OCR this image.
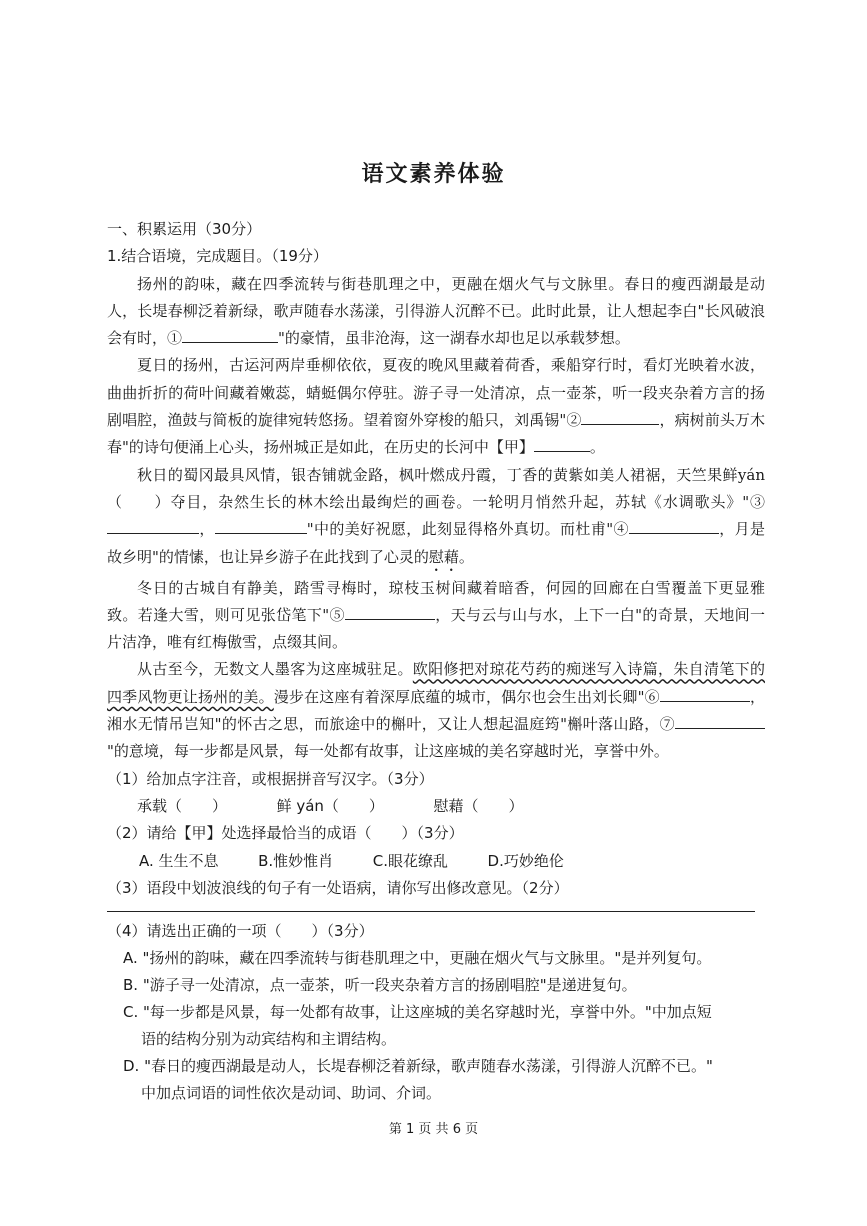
语文素养体验

一、积累运用（30分）

1.结合语境，完成题目。（19分）

扬州的韵味，藏在四季流转与街巷肌理之中，更融在烟火气与文脉里。春日的瘦西湖最是动人，长堤春柳泛着新绿，歌声随春水荡漾，引得游人沉醉不已。此时此景，让人想起李白"长风破浪会有时，①	"的豪情，虽非沧海，这一湖春水却也足以承载梦想。

夏日的扬州，古运河两岸垂柳依依，夏夜的晚风里藏着荷香，乘船穿行时，看灯光映着水波，曲曲折折的荷叶间藏着嫩蕊，蜻蜓偶尔停驻。游子寻一处清凉，点一壶茶，听一段夹杂着方言的扬剧唱腔，渔鼓与简板的旋律宛转悠扬。望着窗外穿梭的船只，刘禹锡"②	，病树前头万木春"的诗句便涌上心头，扬州城正是如此，在历史的长河中【甲】	。

秋日的蜀冈最具风情，银杏铺就金路，枫叶燃成丹霞，丁香的黄紫如美人裙裾，天竺果鲜yán（　　）夺目，杂然生长的林木绘出最绚烂的画卷。一轮明月悄然升起，苏轼《水调歌头》"③，	"中的美好祝愿，此刻显得格外真切。而杜甫"④	，月是故乡明"的情愫，也让异乡游子在此找到了心灵的慰藉。

冬日的古城自有静美，踏雪寻梅时，琼枝玉树间藏着暗香，何园的回廊在白雪覆盖下更显雅致。若逢大雪，则可见张岱笔下"⑤	，天与云与山与水，上下一白"的奇景，天地间一片洁净，唯有红梅傲雪，点缀其间。

从古至今，无数文人墨客为这座城驻足。欧阳修把对琼花芍药的痴迷写入诗篇，朱自清笔下的四季风物更让扬州的美。漫步在这座有着深厚底蕴的城市，偶尔也会生出刘长卿"⑥	，湘水无情吊岂知"的怀古之思，而旅途中的槲叶，又让人想起温庭筠"槲叶落山路，⑦"的意境，每一步都是风景，每一处都有故事，让这座城的美名穿越时光，享誉中外。

（1）给加点字注音，或根据拼音写汉字。（3分）

承载（　　）	鲜 yán（　　）	慰藉（　　）

（2）请给【甲】处选择最恰当的成语（　　）（3分）

A. 生生不息	B.惟妙惟肖	C.眼花缭乱	D.巧妙绝伦

（3）语段中划波浪线的句子有一处语病，请你写出修改意见。（2分）

（4）请选出正确的一项（　　）（3分）

A. "扬州的韵味，藏在四季流转与街巷肌理之中，更融在烟火气与文脉里。"是并列复句。

B. "游子寻一处清凉，点一壶茶，听一段夹杂着方言的扬剧唱腔"是递进复句。

C. "每一步都是风景，每一处都有故事，让这座城的美名穿越时光，享誉中外。"中加点短

语的结构分别为动宾结构和主谓结构。

D. "春日的瘦西湖最是动人，长堤春柳泛着新绿，歌声随春水荡漾，引得游人沉醉不已。"

中加点词语的词性依次是动词、助词、介词。

第 1 页 共 6 页
